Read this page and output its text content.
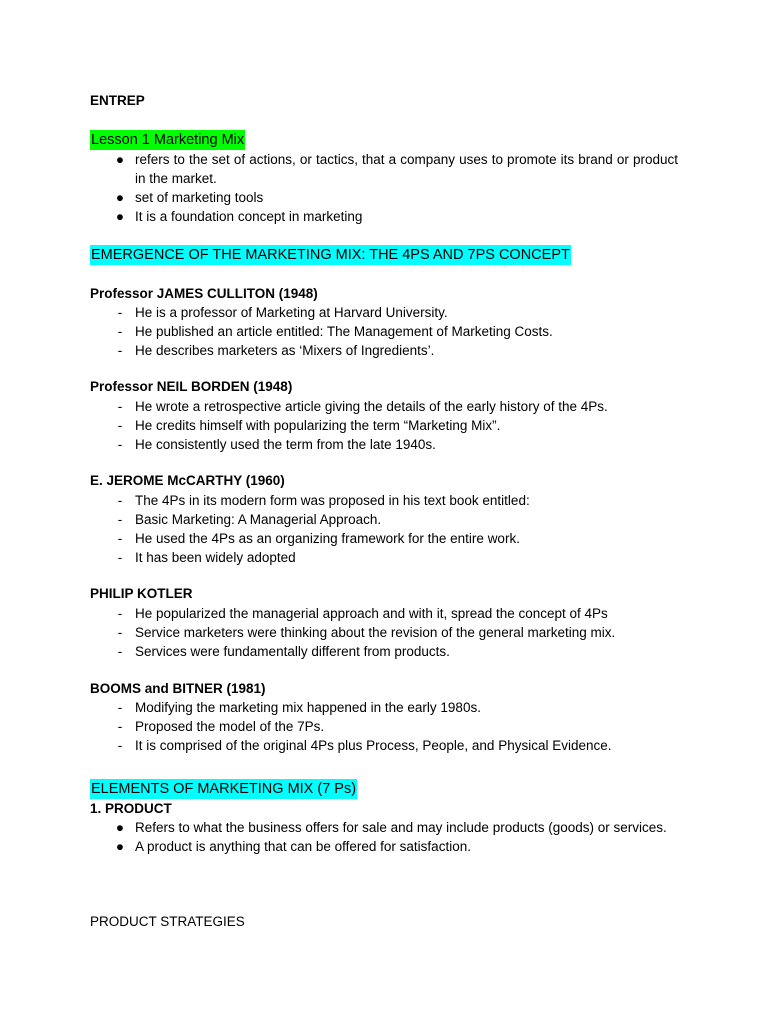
ENTREP
Lesson 1 Marketing Mix
● refers to the set of actions, or tactics, that a company uses to promote its brand or product in the market.
● set of marketing tools
● It is a foundation concept in marketing
EMERGENCE OF THE MARKETING MIX: THE 4PS AND 7PS CONCEPT
Professor JAMES CULLITON (1948)
- He is a professor of Marketing at Harvard University.
- He published an article entitled: The Management of Marketing Costs.
- He describes marketers as ‘Mixers of Ingredients’.
Professor NEIL BORDEN (1948)
- He wrote a retrospective article giving the details of the early history of the 4Ps.
- He credits himself with popularizing the term “Marketing Mix”.
- He consistently used the term from the late 1940s.
E. JEROME McCARTHY (1960)
- The 4Ps in its modern form was proposed in his text book entitled:
- Basic Marketing: A Managerial Approach.
- He used the 4Ps as an organizing framework for the entire work.
- It has been widely adopted
PHILIP KOTLER
- He popularized the managerial approach and with it, spread the concept of 4Ps
- Service marketers were thinking about the revision of the general marketing mix.
- Services were fundamentally different from products.
BOOMS and BITNER (1981)
- Modifying the marketing mix happened in the early 1980s.
- Proposed the model of the 7Ps.
- It is comprised of the original 4Ps plus Process, People, and Physical Evidence.
ELEMENTS OF MARKETING MIX (7 Ps)
1. PRODUCT
● Refers to what the business offers for sale and may include products (goods) or services.
● A product is anything that can be offered for satisfaction.
PRODUCT STRATEGIES
